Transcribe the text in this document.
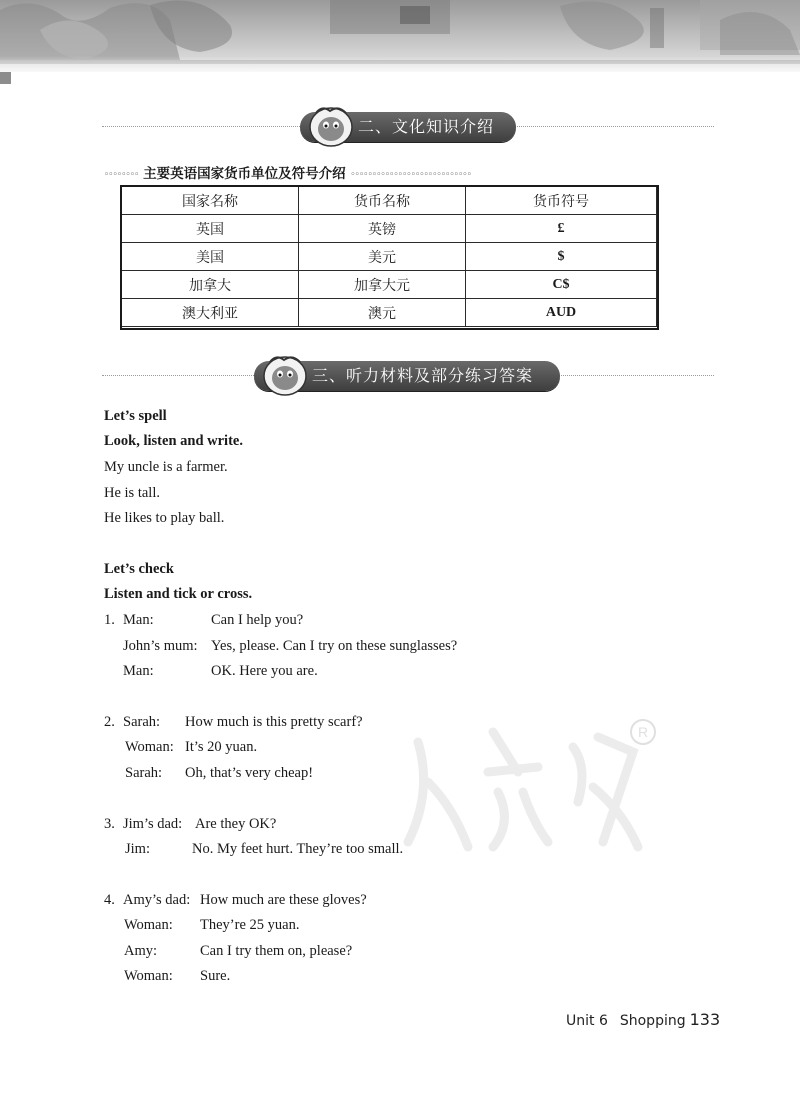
二、文化知识介绍
◦◦◦◦◦◦◦◦ 主要英语国家货币单位及符号介绍 ◦◦◦◦◦◦◦◦◦◦◦◦◦◦◦◦◦◦◦◦◦◦◦◦◦◦◦◦
国家名称	货币名称	货币符号
英国	英镑	£
美国	美元	$
加拿大	加拿大元	C$
澳大利亚	澳元	AUD
三、听力材料及部分练习答案
Let’s spell
Look, listen and write.
My uncle is a farmer.
He is tall.
He likes to play ball.
Let’s check
Listen and tick or cross.
1. Man:	Can I help you?
John’s mum: Yes, please. Can I try on these sunglasses?
Man:	OK. Here you are.
2. Sarah: How much is this pretty scarf?
Woman: It’s 20 yuan.
Sarah: Oh, that’s very cheap!
R
3. Jim’s dad: Are they OK?
Jim:	No. My feet hurt. They’re too small.
4. Amy’s dad: How much are these gloves?
Woman: They’re 25 yuan.
Amy:	Can I try them on, please?
Woman: Sure.
Unit 6 Shopping 133
